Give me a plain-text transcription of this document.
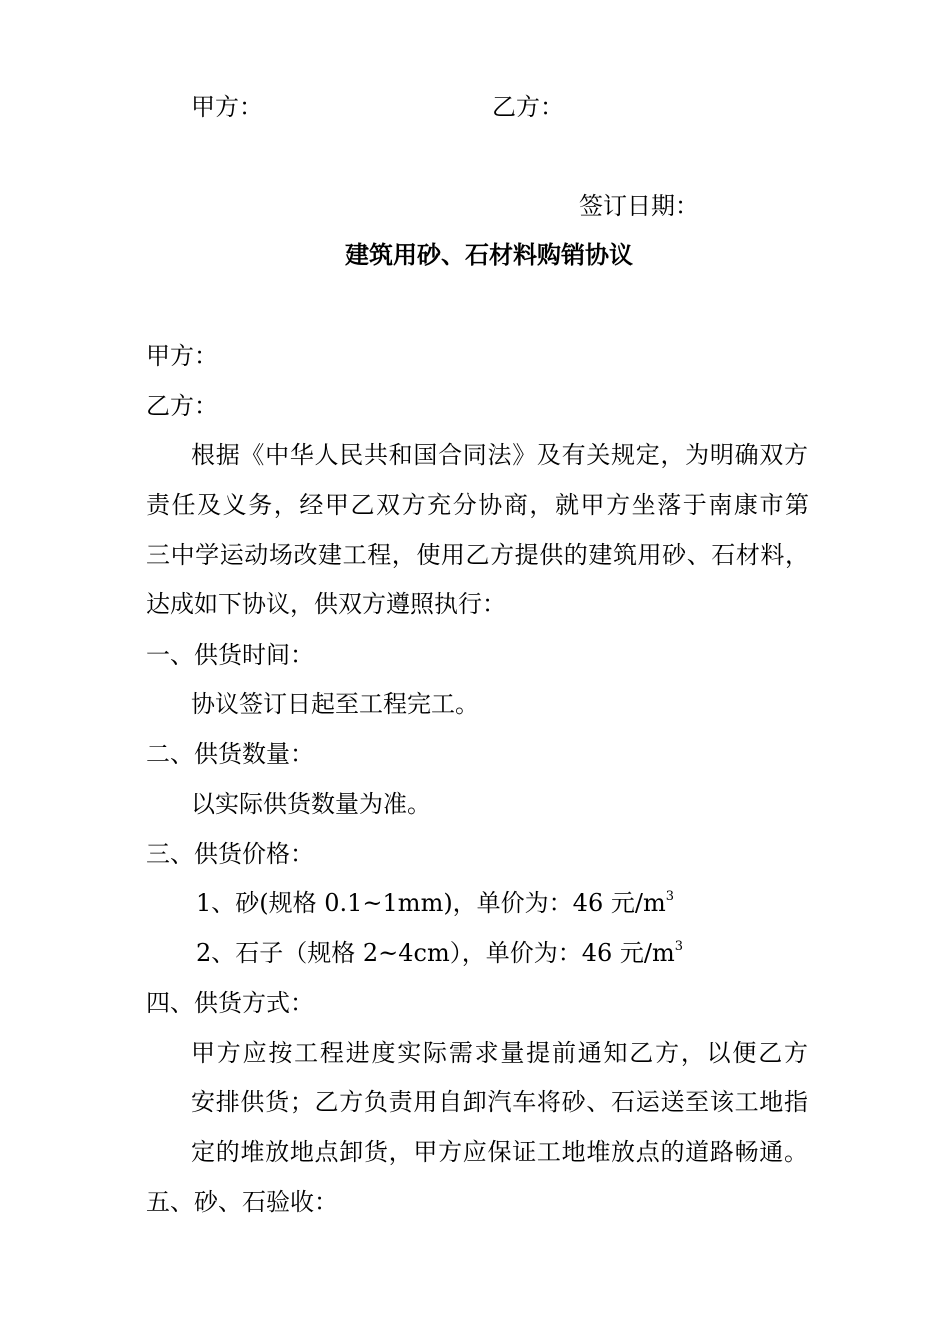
甲方：	乙方：
签订日期：
建筑用砂、石材料购销协议
甲方：
乙方：
根据《中华人民共和国合同法》及有关规定，为明确双方
责任及义务，经甲乙双方充分协商，就甲方坐落于南康市第
三中学运动场改建工程，使用乙方提供的建筑用砂、石材料，
达成如下协议，供双方遵照执行：
一、供货时间：
协议签订日起至工程完工。
二、供货数量：
以实际供货数量为准。
三、供货价格：
1、砂(规格 0.1~1mm)，单价为：46 元$/m^3$
2、石子（规格 2~4cm），单价为：46 元$/m^3$
四、供货方式：
甲方应按工程进度实际需求量提前通知乙方，以便乙方
安排供货；乙方负责用自卸汽车将砂、石运送至该工地指
定的堆放地点卸货，甲方应保证工地堆放点的道路畅通。
五、砂、石验收：
